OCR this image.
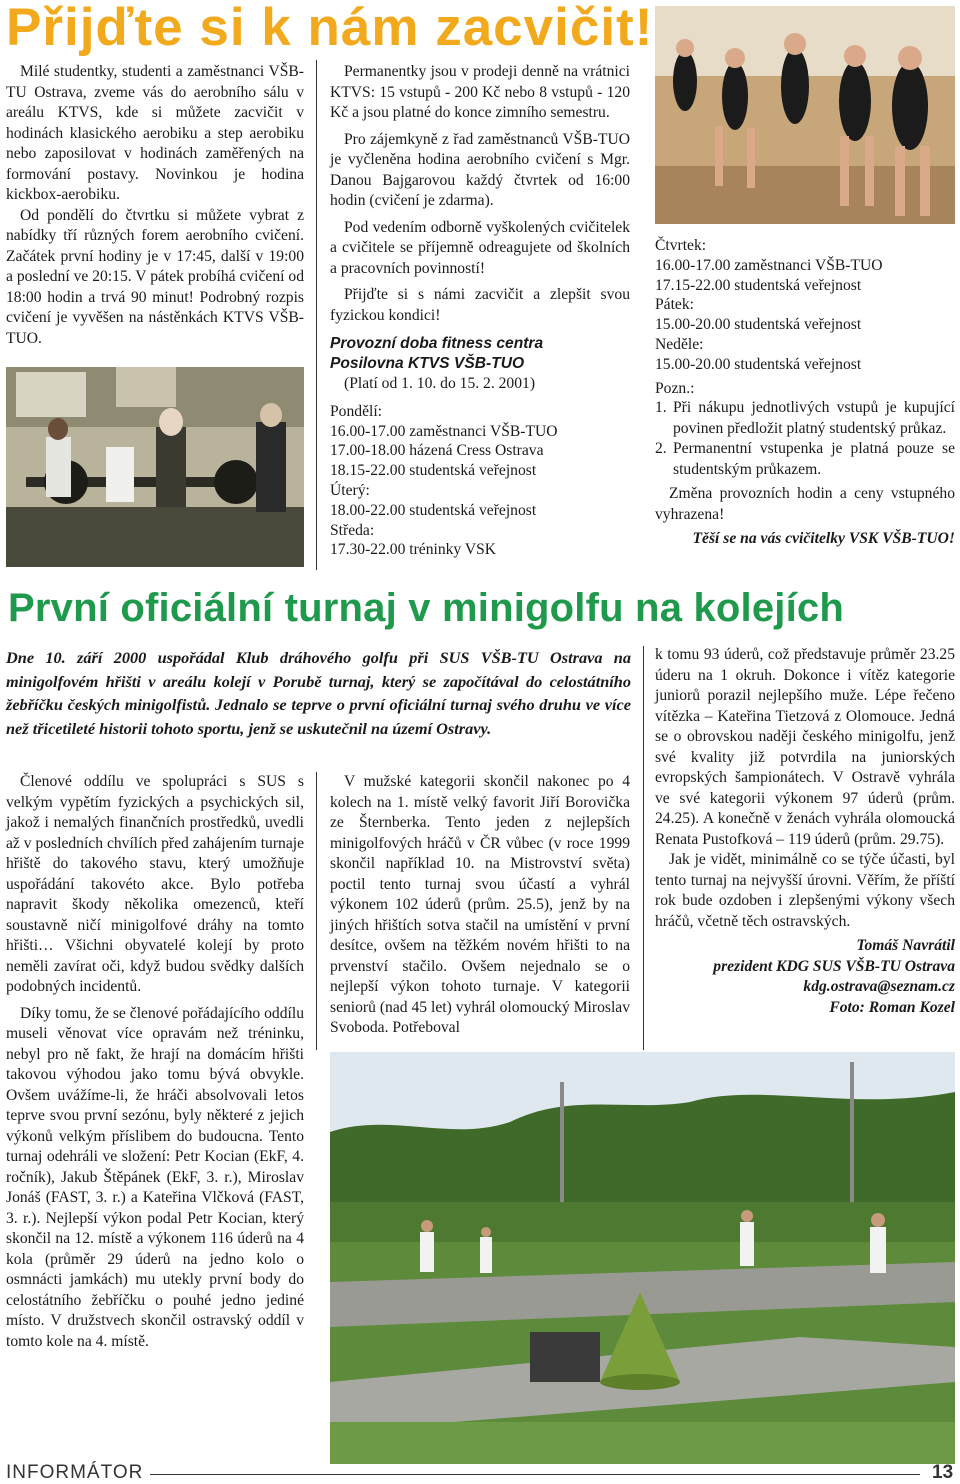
Přijďte si k nám zacvičit!

Milé studentky, studenti a zaměstnanci VŠB-TU Ostrava, zveme vás do aerobního sálu v areálu KTVS, kde si můžete zacvičit v hodinách klasického aerobiku a step aerobiku nebo zaposilovat v hodinách zaměřených na formování postavy. Novinkou je hodina kickbox-aerobiku.

Od pondělí do čtvrtku si můžete vybrat z nabídky tří různých forem aerobního cvičení. Začátek první hodiny je v 17:45, další v 19:00 a poslední ve 20:15. V pátek probíhá cvičení od 18:00 hodin a trvá 90 minut! Podrobný rozpis cvičení je vyvěšen na nástěnkách KTVS VŠB-TUO.

Permanentky jsou v prodeji denně na vrátnici KTVS: 15 vstupů - 200 Kč nebo 8 vstupů - 120 Kč a jsou platné do konce zimního semestru.

Pro zájemkyně z řad zaměstnanců VŠB-TUO je vyčleněna hodina aerobního cvičení s Mgr. Danou Bajgarovou každý čtvrtek od 16:00 hodin (cvičení je zdarma).

Pod vedením odborně vyškolených cvičitelek a cvičitele se příjemně odreagujete od školních a pracovních povinností!

Přijďte si s námi zacvičit a zlepšit svou fyzickou kondici!

Provozní doba fitness centra
Posilovna KTVS VŠB-TUO
(Platí od 1. 10. do 15. 2. 2001)
Pondělí:
16.00-17.00 zaměstnanci VŠB-TUO
17.00-18.00 házená Cress Ostrava
18.15-22.00 studentská veřejnost
Úterý:
18.00-22.00 studentská veřejnost
Středa:
17.30-22.00 tréninky VSK
Čtvrtek:
16.00-17.00 zaměstnanci VŠB-TUO
17.15-22.00 studentská veřejnost
Pátek:
15.00-20.00 studentská veřejnost
Neděle:
15.00-20.00 studentská veřejnost
Pozn.:
1. Při nákupu jednotlivých vstupů je kupující povinen předložit platný studentský průkaz.
2. Permanentní vstupenka je platná pouze se studentským průkazem.

Změna provozních hodin a ceny vstupného vyhrazena!

Těší se na vás cvičitelky VSK VŠB-TUO!

První oficiální turnaj v minigolfu na kolejích

Dne 10. září 2000 uspořádal Klub dráhového golfu při SUS VŠB-TU Ostrava na minigolfovém hřišti v areálu kolejí v Porubě turnaj, který se započítával do celostátního žebříčku českých minigolfistů. Jednalo se teprve o první oficiální turnaj svého druhu ve více než třicetileté historii tohoto sportu, jenž se uskutečnil na území Ostravy.

Členové oddílu ve spolupráci s SUS s velkým vypětím fyzických a psychických sil, jakož i nemalých finančních prostředků, uvedli až v posledních chvílích před zahájením turnaje hřiště do takového stavu, který umožňuje uspořádání takovéto akce. Bylo potřeba napravit škody několika omezenců, kteří soustavně ničí minigolfové dráhy na tomto hřišti… Všichni obyvatelé kolejí by proto neměli zavírat oči, když budou svědky dalších podobných incidentů.

Díky tomu, že se členové pořádajícího oddílu museli věnovat více opravám než tréninku, nebyl pro ně fakt, že hrají na domácím hřišti takovou výhodou jako tomu bývá obvykle. Ovšem uvážíme-li, že hráči absolvovali letos teprve svou první sezónu, byly některé z jejich výkonů velkým příslibem do budoucna. Tento turnaj odehráli ve složení: Petr Kocian (EkF, 4. ročník), Jakub Štěpánek (EkF, 3. r.), Miroslav Jonáš (FAST, 3. r.) a Kateřina Vlčková (FAST, 3. r.). Nejlepší výkon podal Petr Kocian, který skončil na 12. místě a výkonem 116 úderů na 4 kola (průměr 29 úderů na jedno kolo o osmnácti jamkách) mu utekly první body do celostátního žebříčku o pouhé jedno jediné místo. V družstvech skončil ostravský oddíl v tomto kole na 4. místě.

V mužské kategorii skončil nakonec po 4 kolech na 1. místě velký favorit Jiří Borovička ze Šternberka. Tento jeden z nejlepších minigolfových hráčů v ČR vůbec (v roce 1999 skončil například 10. na Mistrovství světa) poctil tento turnaj svou účastí a vyhrál výkonem 102 úderů (prům. 25.5), jenž by na jiných hřištích sotva stačil na umístění v první desítce, ovšem na těžkém novém hřišti to na prvenství stačilo. Ovšem nejednalo se o nejlepší výkon tohoto turnaje. V kategorii seniorů (nad 45 let) vyhrál olomoucký Miroslav Svoboda. Potřeboval

k tomu 93 úderů, což představuje průměr 23.25 úderu na 1 okruh. Dokonce i vítěz kategorie juniorů porazil nejlepšího muže. Lépe řečeno vítězka – Kateřina Tietzová z Olomouce. Jedná se o obrovskou naději českého minigolfu, jenž své kvality již potvrdila na juniorských evropských šampionátech. V Ostravě vyhrála ve své kategorii výkonem 97 úderů (prům. 24.25). A konečně v ženách vyhrála olomoucká Renata Pustofková – 119 úderů (prům. 29.75).

Jak je vidět, minimálně co se týče účasti, byl tento turnaj na nejvyšší úrovni. Věřím, že příští rok bude ozdoben i zlepšenými výkony všech hráčů, včetně těch ostravských.

Tomáš Navrátil

prezident KDG SUS VŠB-TU Ostrava

kdg.ostrava@seznam.cz

Foto: Roman Kozel

INFORMÁTOR	13
